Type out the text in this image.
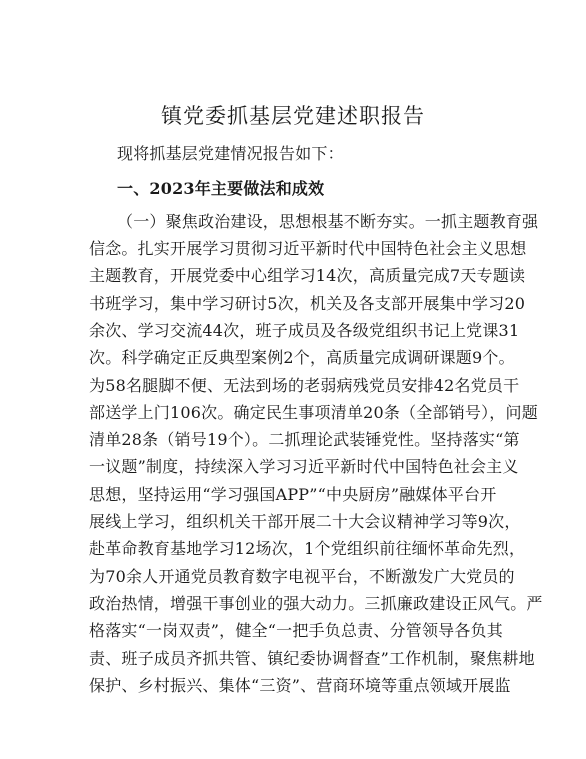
镇党委抓基层党建述职报告
现将抓基层党建情况报告如下：
一、2023年主要做法和成效
（一）聚焦政治建设，思想根基不断夯实。一抓主题教育强
信念。扎实开展学习贯彻习近平新时代中国特色社会主义思想
主题教育，开展党委中心组学习14次，高质量完成7天专题读
书班学习，集中学习研讨5次，机关及各支部开展集中学习20
余次、学习交流44次，班子成员及各级党组织书记上党课31
次。科学确定正反典型案例2个，高质量完成调研课题9个。
为58名腿脚不便、无法到场的老弱病残党员安排42名党员干
部送学上门106次。确定民生事项清单20条（全部销号），问题
清单28条（销号19个）。二抓理论武装锤党性。坚持落实“第
一议题”制度，持续深入学习习近平新时代中国特色社会主义
思想，坚持运用“学习强国APP”“中央厨房”融媒体平台开
展线上学习，组织机关干部开展二十大会议精神学习等9次，
赴革命教育基地学习12场次，1个党组织前往缅怀革命先烈，
为70余人开通党员教育数字电视平台，不断激发广大党员的
政治热情，增强干事创业的强大动力。三抓廉政建设正风气。严
格落实“一岗双责”，健全“一把手负总责、分管领导各负其
责、班子成员齐抓共管、镇纪委协调督查”工作机制，聚焦耕地
保护、乡村振兴、集体“三资”、营商环境等重点领域开展监
